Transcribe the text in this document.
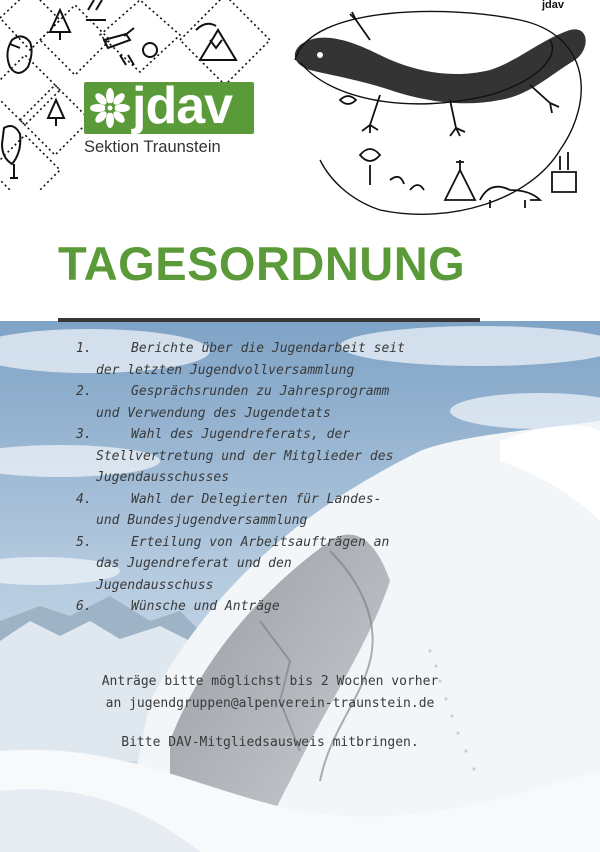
jdav
jdav
Sektion Traunstein
TAGESORDNUNG
1.	Berichte über die Jugendarbeit seit
der letzten Jugendvollversammlung
2.	Gesprächsrunden zu Jahresprogramm
und Verwendung des Jugendetats
3.	Wahl des Jugendreferats, der
Stellvertretung und der Mitglieder des
Jugendausschusses
4.	Wahl der Delegierten für Landes-
und Bundesjugendversammlung
5.	Erteilung von Arbeitsaufträgen an
das Jugendreferat und den
Jugendausschuss
6.	Wünsche und Anträge
Anträge bitte möglichst bis 2 Wochen vorher
an jugendgruppen@alpenverein-traunstein.de
Bitte DAV-Mitgliedsausweis mitbringen.
